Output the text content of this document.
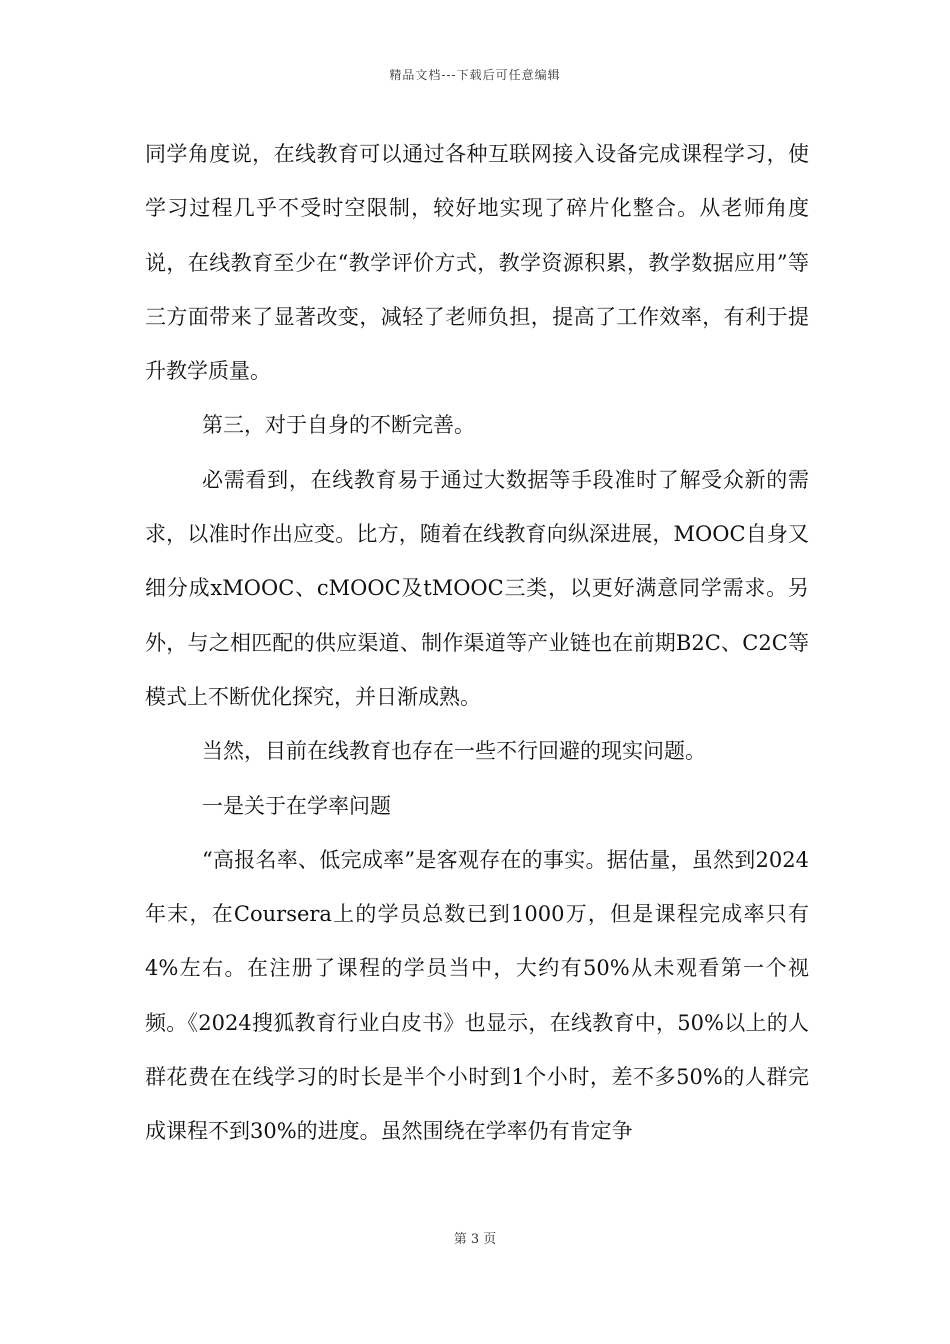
精品文档---下载后可任意编辑

同学角度说，在线教育可以通过各种互联网接入设备完成课程学习，使学习过程几乎不受时空限制，较好地实现了碎片化整合。从老师角度说，在线教育至少在“教学评价方式，教学资源积累，教学数据应用”等三方面带来了显著改变，减轻了老师负担，提高了工作效率，有利于提升教学质量。

第三，对于自身的不断完善。

必需看到，在线教育易于通过大数据等手段准时了解受众新的需求，以准时作出应变。比方，随着在线教育向纵深进展，MOOC自身又细分成xMOOC、cMOOC及tMOOC三类，以更好满意同学需求。另外，与之相匹配的供应渠道、制作渠道等产业链也在前期B2C、C2C等模式上不断优化探究，并日渐成熟。

当然，目前在线教育也存在一些不行回避的现实问题。

一是关于在学率问题

“高报名率、低完成率”是客观存在的事实。据估量，虽然到2024年末，在Coursera上的学员总数已到1000万，但是课程完成率只有4%左右。在注册了课程的学员当中，大约有50%从未观看第一个视频。《2024搜狐教育行业白皮书》也显示，在线教育中，50%以上的人群花费在在线学习的时长是半个小时到1个小时，差不多50%的人群完成课程不到30%的进度。虽然围绕在学率仍有肯定争

第 3 页
